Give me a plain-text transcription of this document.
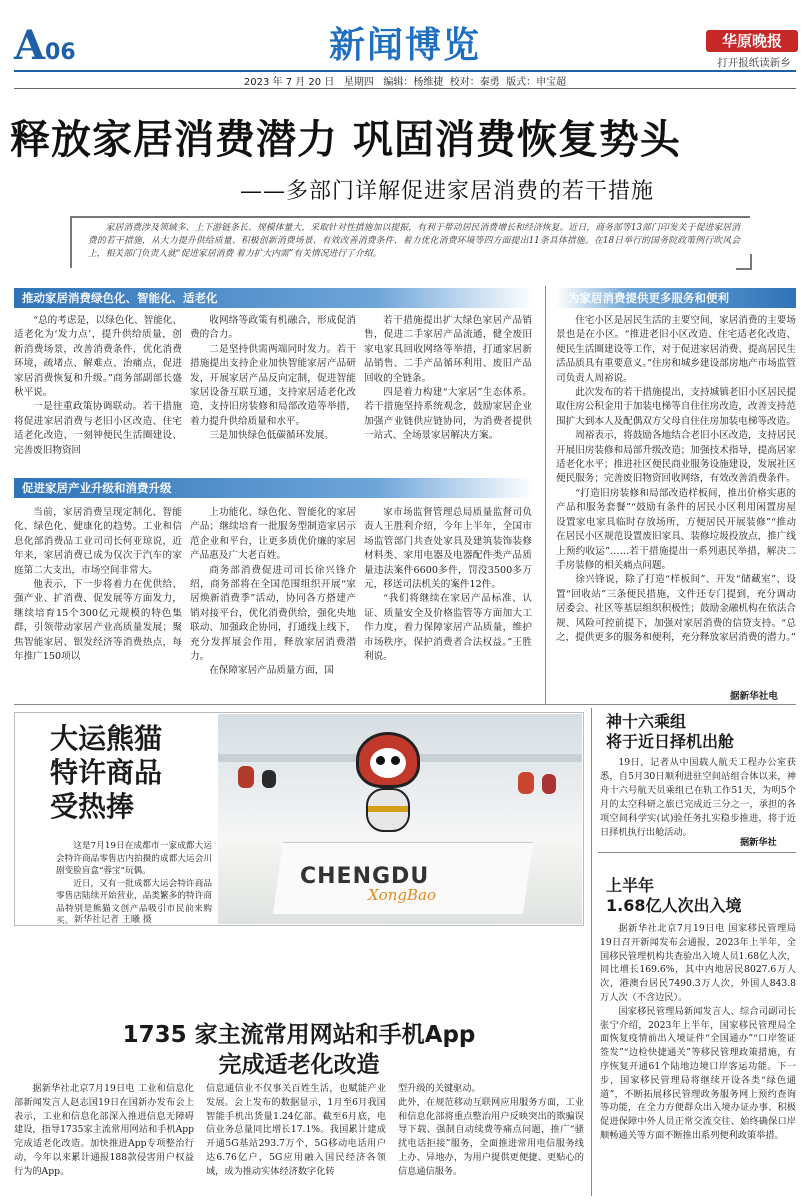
A06	新闻博览	华原晚报
打开报纸读新乡
2023 年 7 月 20 日   星期四   编辑：杨维捷  校对：秦勇  版式：申宝超
释放家居消费潜力 巩固消费恢复势头
——多部门详解促进家居消费的若干措施

家居消费涉及领域多、上下游链条长、规模体量大，采取针对性措施加以提振，有利于带动居民消费增长和经济恢复。近日，商务部等13部门印发关于促进家居消费的若干措施，从大力提升供给质量、积极创新消费场景、有效改善消费条件、着力优化消费环境等四方面提出11条具体措施。在18日举行的国务院政策例行吹风会上，相关部门负责人就“促进家居消费 着力扩大内需”有关情况进行了介绍。

推动家居消费绿色化、智能化、适老化

“总的考虑是，以绿色化、智能化、适老化为‘发力点’，提升供给质量，创新消费场景，改善消费条件，优化消费环境，疏堵点、解难点、治痛点，促进家居消费恢复和升级。”商务部副部长盛秋平说。

一是往重政策协调联动。若干措施将促进家居消费与老旧小区改造、住宅适老化改造、一刻钟便民生活圈建设、完善废旧物资回

收网络等政策有机融合，形成促消费的合力。

二是坚持供需两端同时发力。若干措施提出支持企业加快智能家居产品研发，开展家居产品反向定制，促进智能家居设备互联互通，支持家居适老化改造，支持旧房装修和局部改造等举措，着力提升供给质量和水平。

三是加快绿色低碳循环发展。

若干措施提出扩大绿色家居产品销售，促进二手家居产品流通，健全废旧家电家具回收网络等举措，打通家居新品销售、二手产品循环利用、废旧产品回收的全链条。

四是着力构建“大家居”生态体系。若干措施坚持系统观念，鼓励家居企业加强产业链供应链协同，为消费者提供一站式、全场景家居解决方案。

促进家居产业升级和消费升级

当前，家居消费呈现定制化、智能化、绿色化、健康化的趋势。工业和信息化部消费品工业司司长何亚琼说，近年来，家居消费已成为仅次于汽车的家庭第二大支出，市场空间非常大。

他表示，下一步将着力在优供给、强产业、扩消费、促发展等方面发力，继续培育15个300亿元规模的特色集群，引领带动家居产业高质量发展；聚焦智能家居、银发经济等消费热点，每年推广150项以

上功能化、绿色化、智能化的家居产品；继续培育一批服务型制造家居示范企业和平台，让更多质优价廉的家居产品惠及广大老百姓。

商务部消费促进司司长徐兴锋介绍，商务部将在全国范围组织开展“家居焕新消费季”活动，协同各方搭建产销对接平台，优化消费供给，强化央地联动、加强政企协同，打通线上线下，充分发挥展会作用，释放家居消费潜力。

在保障家居产品质量方面，国

家市场监督管理总局质量监督司负责人王胜利介绍，今年上半年，全国市场监管部门共查处家具及建筑装饰装修材料类、家用电器及电器配件类产品质量违法案件6600多件，罚没3500多万元，移送司法机关的案件12件。

“我们将继续在家居产品标准、认证、质量安全及价格监管等方面加大工作力度，着力保障家居产品质量，维护市场秩序，保护消费者合法权益。”王胜利说。

为家居消费提供更多服务和便利

住宅小区是居民生活的主要空间，家居消费的主要场景也是在小区。“推进老旧小区改造、住宅适老化改造、便民生活圈建设等工作，对于促进家居消费、提高居民生活品质具有重要意义。”住房和城乡建设部房地产市场监管司负责人周裕说。

此次发布的若干措施提出，支持城镇老旧小区居民提取住房公积金用于加装电梯等自住住房改造，改善支持范围扩大到本人及配偶双方父母自住住房加装电梯等改造。

周裕表示，将鼓励各地结合老旧小区改造，支持居民开展旧房装修和局部升级改造；加强技术指导，提高居家适老化水平；推进社区便民商业服务设施建设，发展社区便民服务；完善废旧物资回收网络，有效改善消费条件。

“打造旧房装修和局部改造样板间，推出价格实惠的产品和服务套餐”“鼓励有条件的居民小区利用闲置房屋设置家电家具临时存放场所，方便居民开展装修”“推动在居民小区规范设置废旧家具、装修垃圾投放点，推广线上预约收运”……若干措施提出一系列惠民举措，解决二手房装修的相关痛点问题。

徐兴锋说，除了打造“样板间”、开发“储藏室”、设置“回收站”三条便民措施，文件还专门提到，充分调动居委会、社区等基层组织积极性；鼓励金融机构在依法合规、风险可控前提下，加强对家居消费的信贷支持。“总之，提供更多的服务和便利，充分释放家居消费的潜力。”

据新华社电
大运熊猫
特许商品
受热捧

这是7月19日在成都市一家成都大运会特许商品零售店内拍摄的成都大运会川剧变脸盲盒“蓉宝”玩偶。

近日，又有一批成都大运会特许商品零售店陆续开始营业，品类繁多的特许商品特别是熊猫文创产品吸引市民前来购买。 新华社记者 王曦 摄
CHENGDU
XongBao
神十六乘组
将于近日择机出舱

19日，记者从中国载人航天工程办公室获悉，自5月30日顺利进驻空间站组合体以来，神舟十六号航天员乘组已在轨工作51天，为明5个月的太空科研之旅已完成近三分之一，承担的各项空间科学实(试)验任务扎实稳步推进，将于近日择机执行出舱活动。

据新华社
上半年
1.68亿人次出入境

据新华社北京7月19日电 国家移民管理局19日召开新闻发布会通报，2023年上半年，全国移民管理机构共查验出入境人员1.68亿人次，同比增长169.6%，其中内地居民8027.6万人次，港澳台居民7490.3万人次，外国人843.8万人次（不含边民）。

国家移民管理局新闻发言人、综合司副司长张宁介绍，2023年上半年，国家移民管理局全面恢复疫情前出入境证件“全国通办”“口岸签证签发”“边检快捷通关”等移民管理政策措施，有序恢复开通61个陆地边境口岸客运功能。下一步，国家移民管理局将继续开设各类“绿色通道”，不断拓展移民管理政务服务网上预约查询等功能，在全力方便群众出入境办证办事、积极促进保障中外人员正常交流交往、始终确保口岸顺畅通关等方面不断推出系列便利政策举措。

1735 家主流常用网站和手机App
完成适老化改造

据新华社北京7月19日电 工业和信息化部新闻发言人赵志国19日在国新办发布会上表示，工业和信息化部深入推进信息无障碍建设，指导1735家主流常用网站和手机App完成适老化改造。加快推进App专项整治行动，今年以来累计通报188款侵害用户权益行为的App。

信息通信业不仅事关百姓生活，也赋能产业发展。会上发布的数据显示，1月至6月我国智能手机出货量1.24亿部。截至6月底，电信业务总量同比增长17.1%。我国累计建成开通5G基站293.7万个，5G移动电话用户达6.76亿户，5G应用融入国民经济各领域，成为推动实体经济数字化转

型升级的关键驱动。
此外，在规范移动互联网应用服务方面，工业和信息化部将重点整治用户反映突出的欺骗误导下载、强制自动续费等痛点问题，推广“骚扰电话拒接”服务，全面推进常用电信服务线上办、异地办，为用户提供更便捷、更贴心的信息通信服务。
